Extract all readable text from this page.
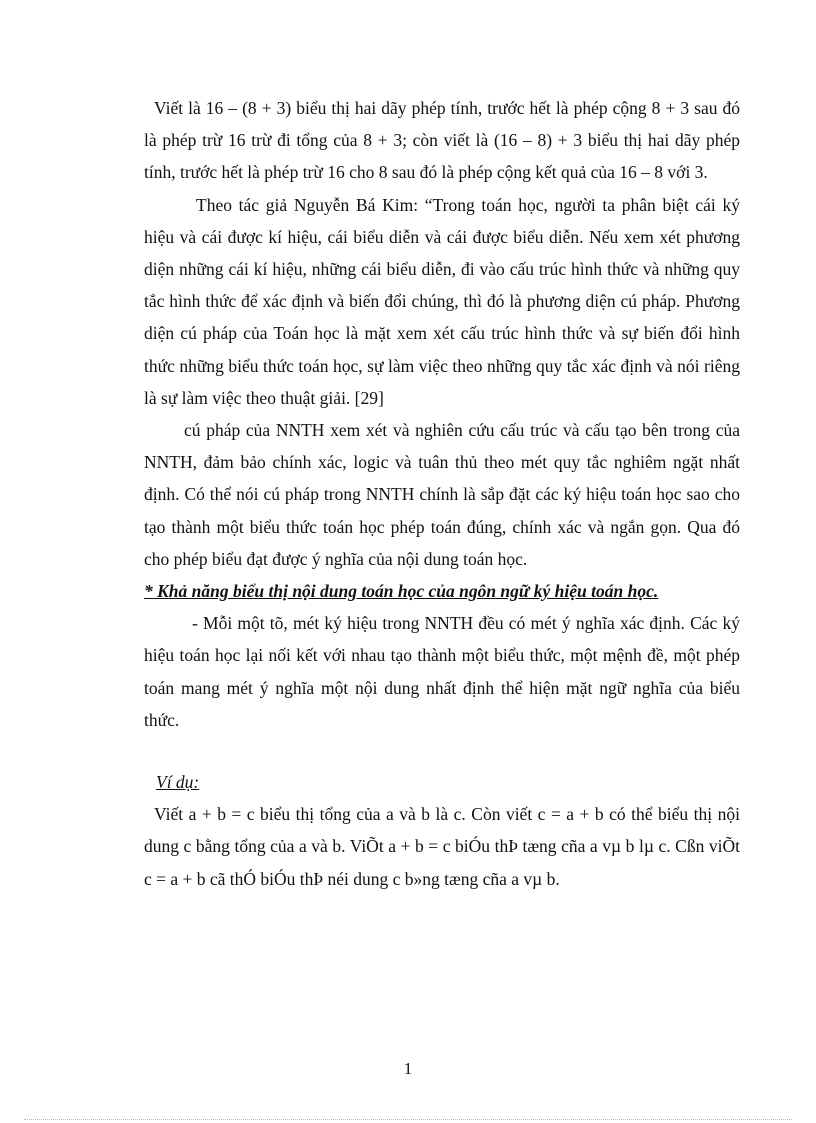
Viết là 16 – (8 + 3) biểu thị hai dãy phép tính, trước hết là phép cộng 8 + 3 sau đó là phép trừ 16 trừ đi tổng của 8 + 3; còn viết là (16 – 8) + 3 biểu thị hai dãy phép tính, trước hết là phép trừ 16 cho 8 sau đó là phép cộng kết quả của 16 – 8 với 3.

Theo tác giả Nguyễn Bá Kim: “Trong toán học, người ta phân biệt cái ký hiệu và cái được kí hiệu, cái biểu diễn và cái được biểu diễn. Nếu xem xét phương diện những cái kí hiệu, những cái biểu diễn, đi vào cấu trúc hình thức và những quy tắc hình thức để xác định và biến đổi chúng, thì đó là phương diện cú pháp. Phương diện cú pháp của Toán học là mặt xem xét cấu trúc hình thức và sự biến đổi hình thức những biểu thức toán học, sự làm việc theo những quy tắc xác định và nói riêng là sự làm việc theo thuật giải. [29]

cú pháp của NNTH xem xét và nghiên cứu cấu trúc và cấu tạo bên trong của NNTH, đảm bảo chính xác, logic và tuân thủ theo mét quy tắc nghiêm ngặt nhất định. Có thể nói cú pháp trong NNTH chính là sắp đặt các ký hiệu toán học sao cho tạo thành một biểu thức toán học phép toán đúng, chính xác và ngắn gọn. Qua đó cho phép biểu đạt được ý nghĩa của nội dung toán học.

* Khả năng biểu thị nội dung toán học của ngôn ngữ ký hiệu toán học.

- Mỗi một tõ, mét ký hiệu trong NNTH đều có mét ý nghĩa xác định. Các ký hiệu toán học lại nối kết với nhau tạo thành một biểu thức, một mệnh đề, một phép toán mang mét ý nghĩa một nội dung nhất định thể hiện mặt ngữ nghĩa của biểu thức.

Ví dụ:

Viết a + b = c biểu thị tổng của a và b là c. Còn viết c = a + b có thể biểu thị nội dung c bằng tổng của a và b. ViÕt a + b = c biÓu thÞ tæng cña a vµ b lµ c. Cßn viÕt c = a + b cã thÓ biÓu thÞ néi dung c b»ng tæng cña a vµ b.

1
